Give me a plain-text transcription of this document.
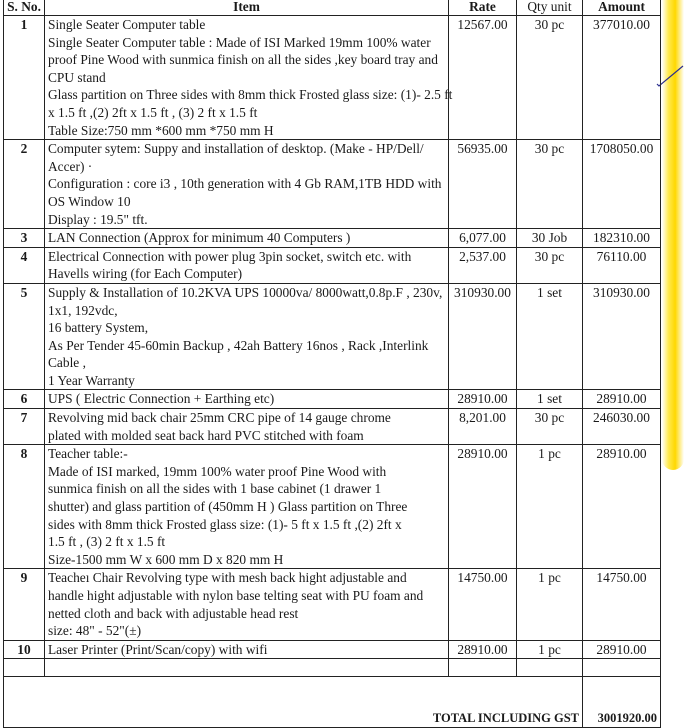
S. No.	Item	Rate	Qty unit	Amount
1	Single Seater Computer table
Single Seater Computer table : Made of ISI Marked 19mm 100% water
proof Pine Wood with sunmica finish on all the sides ,key board tray and
CPU stand
Glass partition on Three sides with 8mm thick Frosted glass size: (1)- 2.5 ft
x 1.5 ft ,(2) 2ft x 1.5 ft , (3) 2 ft x 1.5 ft
Table Size:750 mm *600 mm *750 mm H
	12567.00	30 pc	377010.00
2	Computer sytem: Suppy and installation of desktop. (Make - HP/Dell/
Accer) ·
Configuration : core i3 , 10th generation with 4 Gb RAM,1TB HDD with
OS Window 10
Display : 19.5" tft.	56935.00	30 pc	1708050.00
3	LAN Connection (Approx for minimum 40 Computers )	6,077.00	30 Job	182310.00
4	Electrical Connection with power plug 3pin socket, switch etc. with
Havells wiring (for Each Computer)	2,537.00	30 pc	76110.00
5	Supply & Installation of 10.2KVA UPS 10000va/ 8000watt,0.8p.F , 230v,
1x1, 192vdc,
16 battery System,
As Per Tender 45-60min Backup , 42ah Battery 16nos , Rack ,Interlink
Cable ,
1 Year Warranty
	310930.00	1 set	310930.00
6	UPS ( Electric Connection + Earthing etc)	28910.00	1 set	28910.00
7	Revolving mid back chair 25mm CRC pipe of 14 gauge chrome
plated with molded seat back hard PVC stitched with foam	8,201.00	30 pc	246030.00
8	Teacher table:-
Made of ISI marked, 19mm 100% water proof Pine Wood with
sunmica finish on all the sides with 1 base cabinet (1 drawer 1
shutter) and glass partition of (450mm H ) Glass partition on Three
sides with 8mm thick Frosted glass size: (1)- 5 ft x 1.5 ft ,(2) 2ft x
1.5 ft , (3) 2 ft x 1.5 ft
Size-1500 mm W x 600 mm D x 820 mm H
	28910.00	1 pc	28910.00
9	Teacheı Chair Revolving type with mesh back hight adjustable and
handle hight adjustable with nylon base telting seat with PU foam and
netted cloth and back with adjustable head rest
size: 48" - 52"(±)	14750.00	1 pc	14750.00
10	Laser Printer (Print/Scan/copy) with wifi	28910.00	1 pc	28910.00

TOTAL INCLUDING GST				3001920.00
